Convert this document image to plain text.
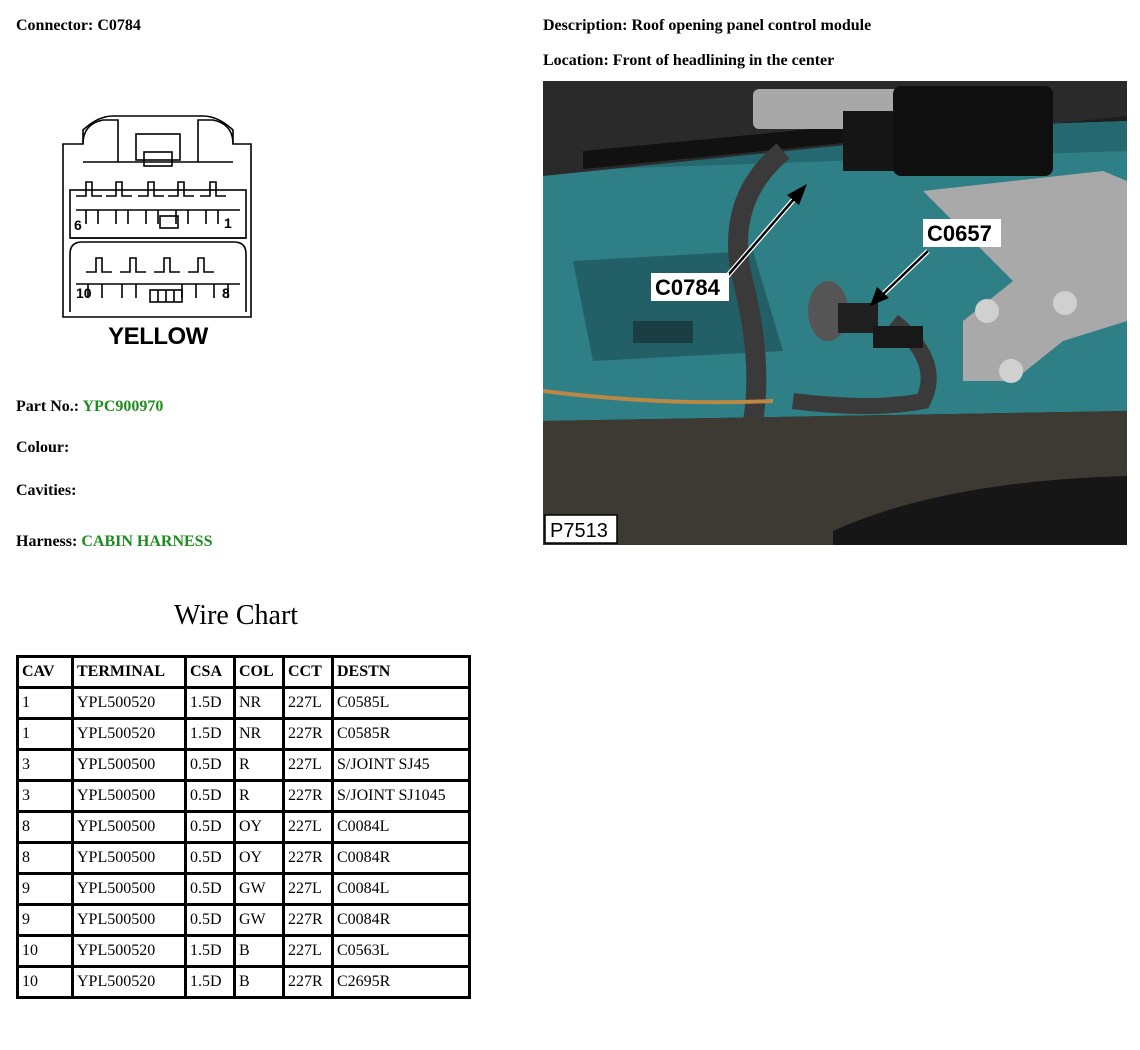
Connector: C0784	Description: Roof opening panel control module
Location: Front of headlining in the center
6	1
10	8
YELLOW
C0784
C0657
P7513
Part No.: YPC900970
Colour:
Cavities:
Harness: CABIN HARNESS
Wire Chart
CAV	TERMINAL	CSA	COL	CCT	DESTN
1	YPL500520	1.5D	NR	227L	C0585L
1	YPL500520	1.5D	NR	227R	C0585R
3	YPL500500	0.5D	R	227L	S/JOINT SJ45
3	YPL500500	0.5D	R	227R	S/JOINT SJ1045
8	YPL500500	0.5D	OY	227L	C0084L
8	YPL500500	0.5D	OY	227R	C0084R
9	YPL500500	0.5D	GW	227L	C0084L
9	YPL500500	0.5D	GW	227R	C0084R
10	YPL500520	1.5D	B	227L	C0563L
10	YPL500520	1.5D	B	227R	C2695R
